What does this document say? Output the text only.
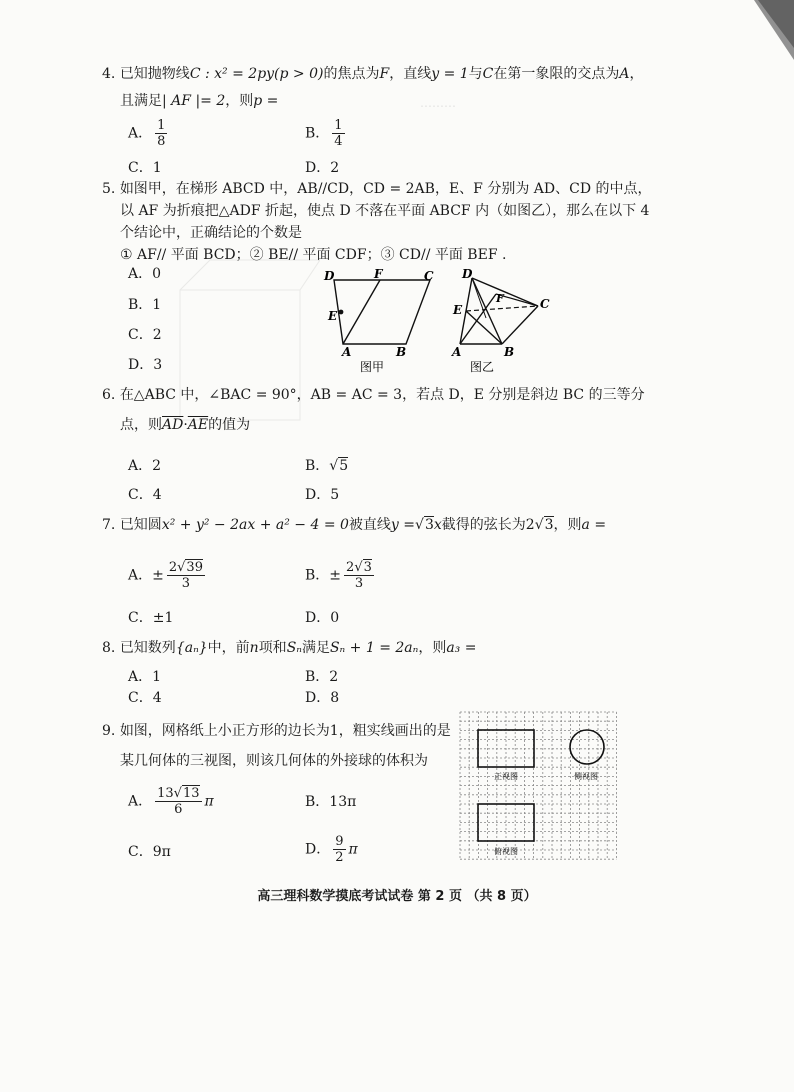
4. 已知抛物线C : x² = 2py(p > 0)的焦点为F，直线y = 1与C在第一象限的交点为A，
且满足| AF |= 2，则p =
A． $\frac{1}{8}$	B． $\frac{1}{4}$
C．1	D．2
5. 如图甲，在梯形 ABCD 中，AB//CD，CD = 2AB，E、F 分别为 AD、CD 的中点，
以 AF 为折痕把△ADF 折起，使点 D 不落在平面 ABCF 内（如图乙），那么在以下 4
个结论中，正确结论的个数是
① AF// 平面 BCD；② BE// 平面 CDF；③ CD// 平面 BEF .
A．0
B．1
C．2
D．3
D	F	C
E
A	B
图甲
D
F	C
E
A	B
图乙
6. 在△ABC 中，∠BAC = 90°，AB = AC = 3，若点 D，E 分别是斜边 BC 的三等分
点，则$\overline{AD}\cdot\overline{AE}$的值为
A．2	B．√5
C．4	D．5
7. 已知圆x² + y² − 2ax + a² − 4 = 0被直线y =√3x截得的弦长为2√3，则a =
A．± $\frac{2√39}{3}$	B．± $\frac{2√3}{3}$
C．±1	D．0
8. 已知数列{aₙ}中，前n项和Sₙ满足Sₙ + 1 = 2aₙ，则a₃ =
A．1	B．2
C．4	D．8
9. 如图，网格纸上小正方形的边长为1，粗实线画出的是
某几何体的三视图，则该几何体的外接球的体积为
A． $\frac{13√13}{6}$ π	B．13π
C．9π	D． $\frac{9}{2}$ π
正视图	侧视图
俯视图
………
高三理科数学摸底考试试卷 第 2 页 （共 8 页）
